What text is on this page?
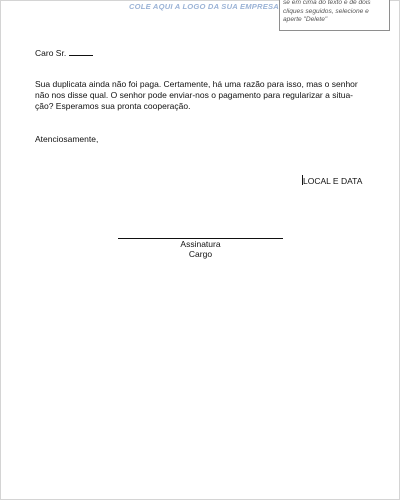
COLE AQUI A LOGO DA SUA EMPRESA se em cima do texto e dê dois
cliques seguidos, selecione e
aperte "Delete"
Caro Sr.
Sua duplicata ainda não foi paga. Certamente, há uma razão para isso, mas o senhor
não nos disse qual. O senhor pode enviar-nos o pagamento para regularizar a situa-
ção? Esperamos sua pronta cooperação.
Atenciosamente,
LOCAL E DATA
Assinatura
Cargo
